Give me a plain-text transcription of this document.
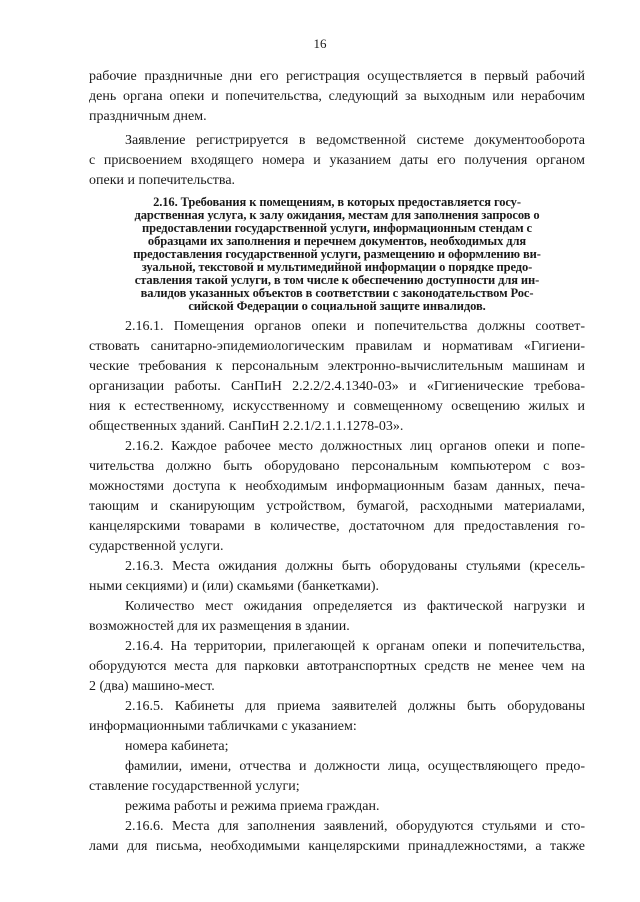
16

рабочие праздничные дни его регистрация осуществляется в первый рабочий
день органа опеки и попечительства, следующий за выходным или нерабочим
праздничным днем.

Заявление регистрируется в ведомственной системе документооборота
с присвоением входящего номера и указанием даты его получения органом
опеки и попечительства.

2.16. Требования к помещениям, в которых предоставляется госу-
дарственная услуга, к залу ожидания, местам для заполнения запросов о
предоставлении государственной услуги, информационным стендам с
образцами их заполнения и перечнем документов, необходимых для
предоставления государственной услуги, размещению и оформлению ви-
зуальной, текстовой и мультимедийной информации о порядке предо-
ставления такой услуги, в том числе к обеспечению доступности для ин-
валидов указанных объектов в соответствии с законодательством Рос-
сийской Федерации о социальной защите инвалидов.

2.16.1. Помещения органов опеки и попечительства должны соответ-
ствовать санитарно-эпидемиологическим правилам и нормативам «Гигиени-
ческие требования к персональным электронно-вычислительным машинам и
организации работы. СанПиН 2.2.2/2.4.1340-03» и «Гигиенические требова-
ния к естественному, искусственному и совмещенному освещению жилых и
общественных зданий. СанПиН 2.2.1/2.1.1.1278-03».

2.16.2. Каждое рабочее место должностных лиц органов опеки и попе-
чительства должно быть оборудовано персональным компьютером с воз-
можностями доступа к необходимым информационным базам данных, печа-
тающим и сканирующим устройством, бумагой, расходными материалами,
канцелярскими товарами в количестве, достаточном для предоставления го-
сударственной услуги.

2.16.3. Места ожидания должны быть оборудованы стульями (кресель-
ными секциями) и (или) скамьями (банкетками).

Количество мест ожидания определяется из фактической нагрузки и
возможностей для их размещения в здании.

2.16.4. На территории, прилегающей к органам опеки и попечительства,
оборудуются места для парковки автотранспортных средств не менее чем на
2 (два) машино-мест.

2.16.5. Кабинеты для приема заявителей должны быть оборудованы
информационными табличками с указанием:

номера кабинета;

фамилии, имени, отчества и должности лица, осуществляющего предо-
ставление государственной услуги;

режима работы и режима приема граждан.

2.16.6. Места для заполнения заявлений, оборудуются стульями и сто-
лами для письма, необходимыми канцелярскими принадлежностями, а также
